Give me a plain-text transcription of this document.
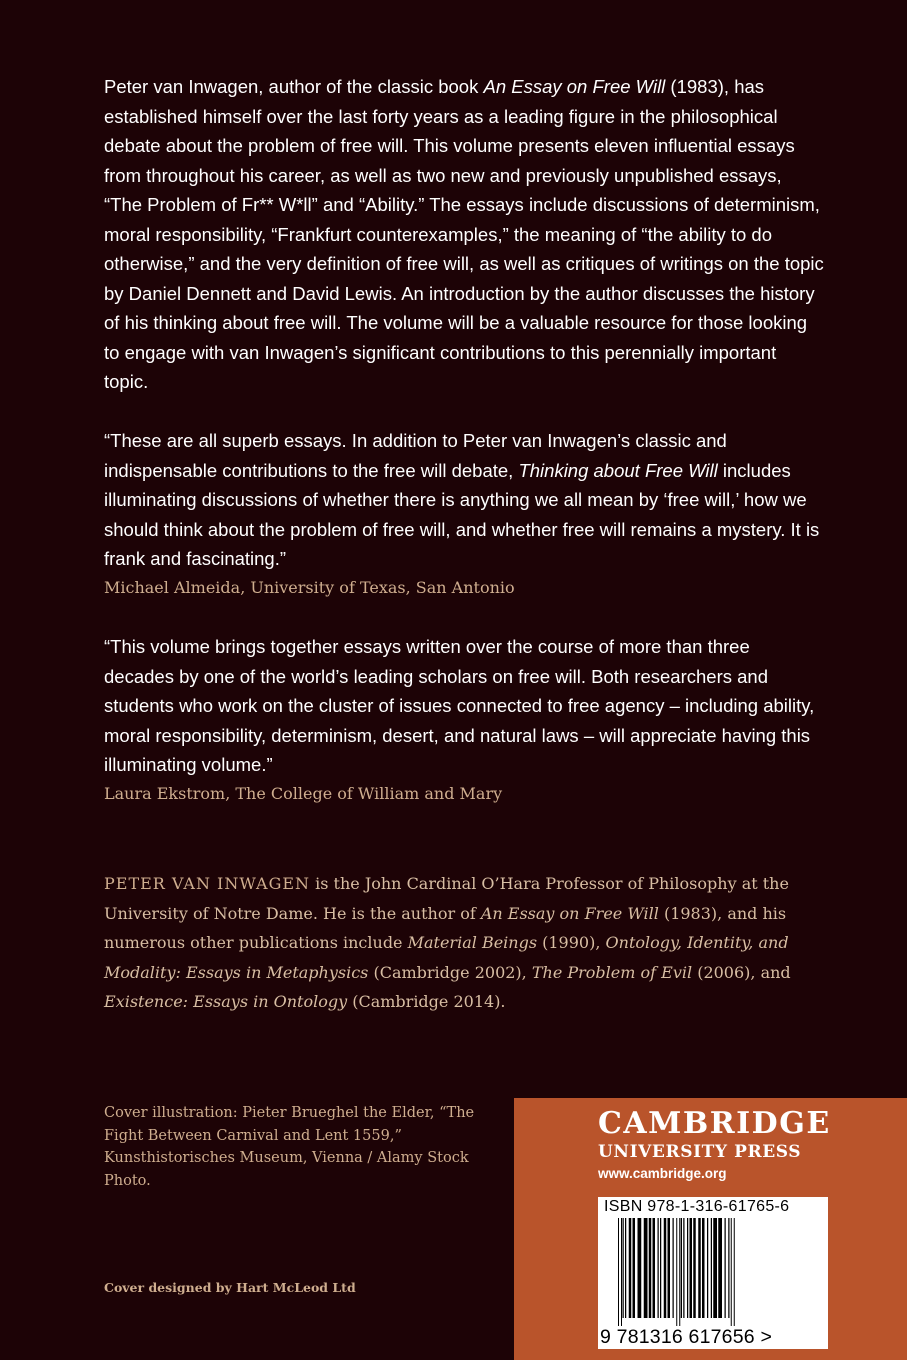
Peter van Inwagen, author of the classic book An Essay on Free Will (1983), has established himself over the last forty years as a leading figure in the philosophical debate about the problem of free will. This volume presents eleven influential essays from throughout his career, as well as two new and previously unpublished essays, “The Problem of Fr** W*ll” and “Ability.” The essays include discussions of determinism, moral responsibility, “Frankfurt counterexamples,” the meaning of “the ability to do otherwise,” and the very definition of free will, as well as critiques of writings on the topic by Daniel Dennett and David Lewis. An introduction by the author discusses the history of his thinking about free will. The volume will be a valuable resource for those looking to engage with van Inwagen’s significant contributions to this perennially important topic.

“These are all superb essays. In addition to Peter van Inwagen’s classic and indispensable contributions to the free will debate, Thinking about Free Will includes illuminating discussions of whether there is anything we all mean by ‘free will,’ how we should think about the problem of free will, and whether free will remains a mystery. It is frank and fascinating.”

Michael Almeida, University of Texas, San Antonio

“This volume brings together essays written over the course of more than three decades by one of the world’s leading scholars on free will. Both researchers and students who work on the cluster of issues connected to free agency – including ability, moral responsibility, determinism, desert, and natural laws – will appreciate having this illuminating volume.”

Laura Ekstrom, The College of William and Mary

PETER VAN INWAGEN is the John Cardinal O’Hara Professor of Philosophy at the University of Notre Dame. He is the author of An Essay on Free Will (1983), and his numerous other publications include Material Beings (1990), Ontology, Identity, and Modality: Essays in Metaphysics (Cambridge 2002), The Problem of Evil (2006), and Existence: Essays in Ontology (Cambridge 2014).

Cover illustration: Pieter Brueghel the Elder, “The Fight Between Carnival and Lent 1559,” Kunsthistorisches Museum, Vienna / Alamy Stock Photo.

Cover designed by Hart McLeod Ltd

CAMBRIDGE

UNIVERSITY PRESS

www.cambridge.org

ISBN 978-1-316-61765-6

9 781316 617656 >
